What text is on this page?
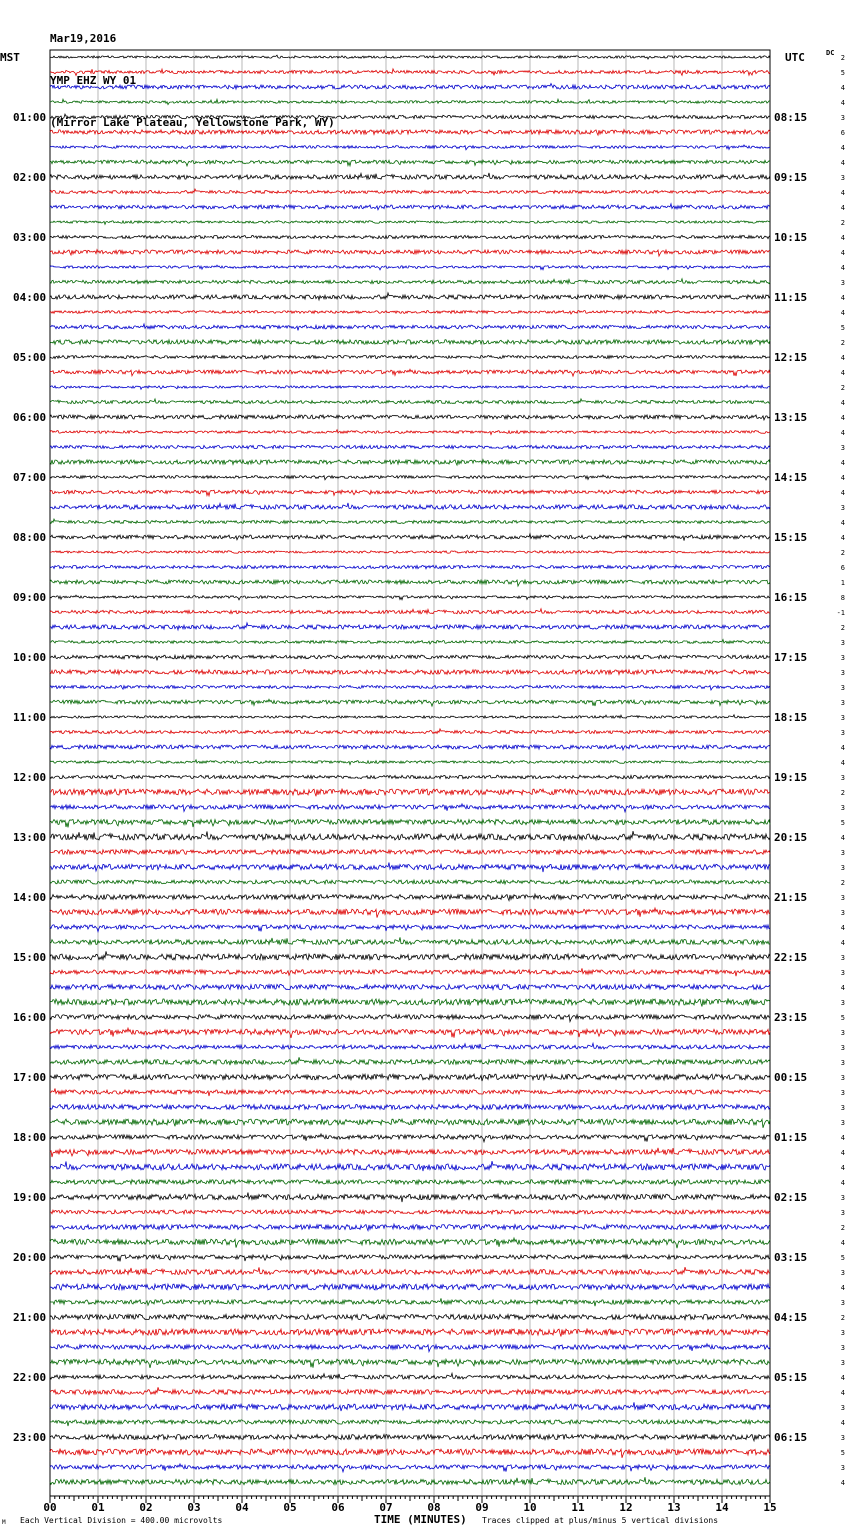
Mar19,2016

YMP EHZ WY 01

(Mirror Lake Plateau, Yellowstone Park, WY)

MST	UTC	DC
01:00
02:00
03:00
04:00
05:00
06:00
07:00
08:00
09:00
10:00
11:00
12:00
13:00
14:00
15:00
16:00
17:00
18:00
19:00
20:00
21:00
22:00
23:00
08:15
09:15
10:15
11:15
12:15
13:15
14:15
15:15
16:15
17:15
18:15
19:15
20:15
21:15
22:15
23:15
00:15
01:15
02:15
03:15
04:15
05:15
06:15
2
5
4
4
3
6
4
4
3
4
4
2
4
4
4
3
4
4
5
2
4
4
2
4
4
4
3
4
4
4
3
4
4
2
6
1
8
-1
2
3
3
3
3
3
3
3
4
4
3
2
3
5
4
3
3
2
3
3
4
4
3
3
4
3
5
3
3
3
3
3
3
3
4
4
4
4
3
3
2
4
5
3
4
3
2
3
3
3
4
4
3
4
3
5
3
4
00	01	02	03	04	05	06	07	08	09	10	11	12	13	14	15
M Each Vertical Division = 400.00 microvolts	TIME (MINUTES) Traces clipped at plus/minus 5 vertical divisions
